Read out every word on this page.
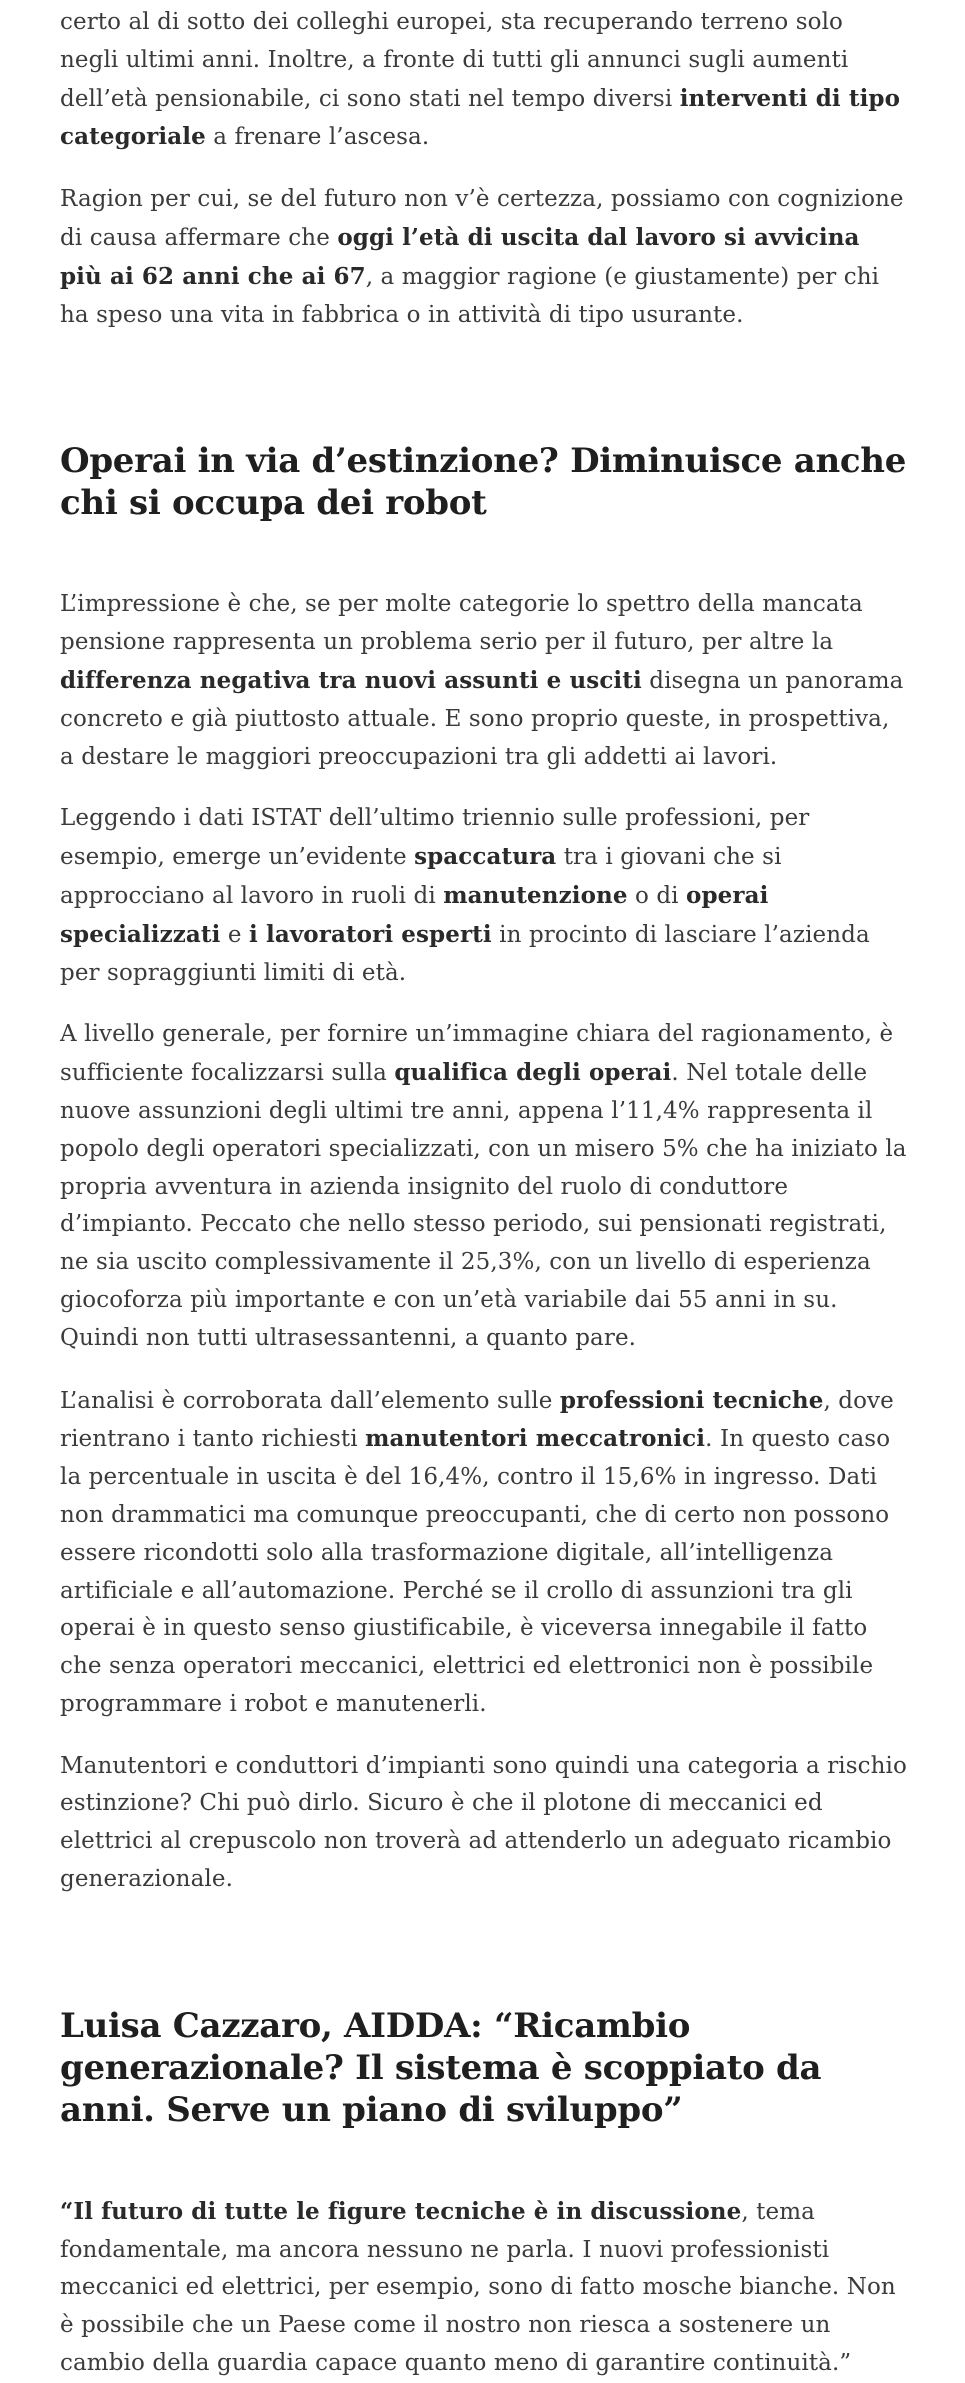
certo al di sotto dei colleghi europei, sta recuperando terreno solo negli ultimi anni. Inoltre, a fronte di tutti gli annunci sugli aumenti dell’età pensionabile, ci sono stati nel tempo diversi interventi di tipo categoriale a frenare l’ascesa.

Ragion per cui, se del futuro non v’è certezza, possiamo con cognizione di causa affermare che oggi l’età di uscita dal lavoro si avvicina più ai 62 anni che ai 67, a maggior ragione (e giustamente) per chi ha speso una vita in fabbrica o in attività di tipo usurante.

Operai in via d’estinzione? Diminuisce anche chi si occupa dei robot

L’impressione è che, se per molte categorie lo spettro della mancata pensione rappresenta un problema serio per il futuro, per altre la differenza negativa tra nuovi assunti e usciti disegna un panorama concreto e già piuttosto attuale. E sono proprio queste, in prospettiva, a destare le maggiori preoccupazioni tra gli addetti ai lavori.

Leggendo i dati ISTAT dell’ultimo triennio sulle professioni, per esempio, emerge un’evidente spaccatura tra i giovani che si approcciano al lavoro in ruoli di manutenzione o di operai specializzati e i lavoratori esperti in procinto di lasciare l’azienda per sopraggiunti limiti di età.

A livello generale, per fornire un’immagine chiara del ragionamento, è sufficiente focalizzarsi sulla qualifica degli operai. Nel totale delle nuove assunzioni degli ultimi tre anni, appena l’11,4% rappresenta il popolo degli operatori specializzati, con un misero 5% che ha iniziato la propria avventura in azienda insignito del ruolo di conduttore d’impianto. Peccato che nello stesso periodo, sui pensionati registrati, ne sia uscito complessivamente il 25,3%, con un livello di esperienza giocoforza più importante e con un’età variabile dai 55 anni in su. Quindi non tutti ultrasessantenni, a quanto pare.

L’analisi è corroborata dall’elemento sulle professioni tecniche, dove rientrano i tanto richiesti manutentori meccatronici. In questo caso la percentuale in uscita è del 16,4%, contro il 15,6% in ingresso. Dati non drammatici ma comunque preoccupanti, che di certo non possono essere ricondotti solo alla trasformazione digitale, all’intelligenza artificiale e all’automazione. Perché se il crollo di assunzioni tra gli operai è in questo senso giustificabile, è viceversa innegabile il fatto che senza operatori meccanici, elettrici ed elettronici non è possibile programmare i robot e manutenerli.

Manutentori e conduttori d’impianti sono quindi una categoria a rischio estinzione? Chi può dirlo. Sicuro è che il plotone di meccanici ed elettrici al crepuscolo non troverà ad attenderlo un adeguato ricambio generazionale.

Luisa Cazzaro, AIDDA: “Ricambio generazionale? Il sistema è scoppiato da anni. Serve un piano di sviluppo”

“Il futuro di tutte le figure tecniche è in discussione, tema fondamentale, ma ancora nessuno ne parla. I nuovi professionisti meccanici ed elettrici, per esempio, sono di fatto mosche bianche. Non è possibile che un Paese come il nostro non riesca a sostenere un cambio della guardia capace quanto meno di garantire continuità.”
